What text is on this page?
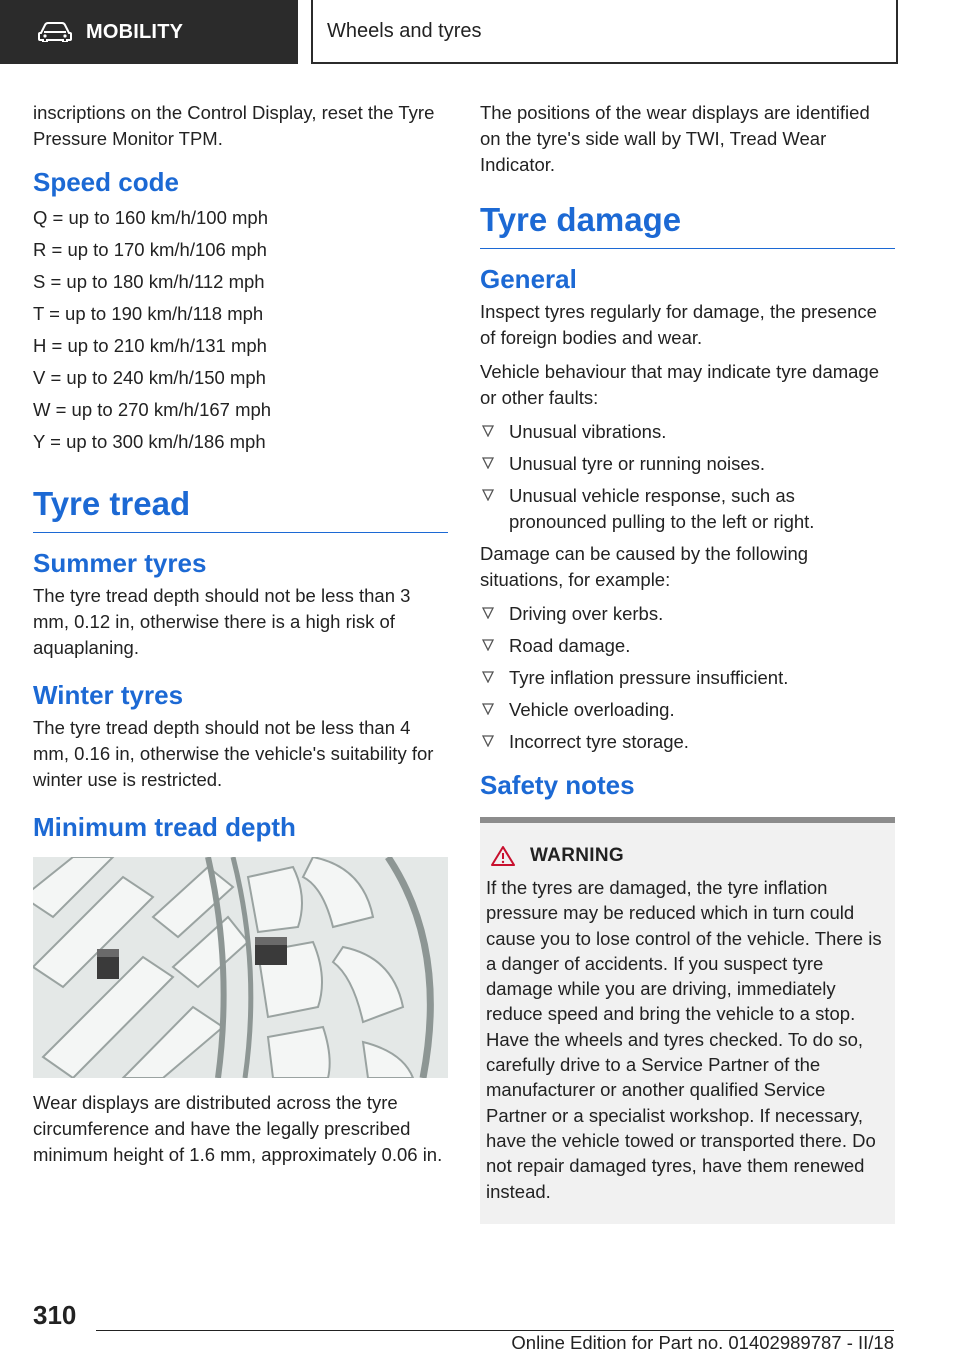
MOBILITY	Wheels and tyres

inscriptions on the Control Display, reset the Tyre Pressure Monitor TPM.

Speed code
Q = up to 160 km/h/100 mph
R = up to 170 km/h/106 mph
S = up to 180 km/h/112 mph
T = up to 190 km/h/118 mph
H = up to 210 km/h/131 mph
V = up to 240 km/h/150 mph
W = up to 270 km/h/167 mph
Y = up to 300 km/h/186 mph
Tyre tread
Summer tyres

The tyre tread depth should not be less than 3 mm, 0.12 in, otherwise there is a high risk of aquaplaning.

Winter tyres

The tyre tread depth should not be less than 4 mm, 0.16 in, otherwise the vehicle's suitability for winter use is restricted.

Minimum tread depth

Wear displays are distributed across the tyre circumference and have the legally prescribed minimum height of 1.6 mm, approximately 0.06 in.

The positions of the wear displays are identified on the tyre's side wall by TWI, Tread Wear Indicator.

Tyre damage
General

Inspect tyres regularly for damage, the presence of foreign bodies and wear.

Vehicle behaviour that may indicate tyre damage or other faults:

Unusual vibrations.
Unusual tyre or running noises.
Unusual vehicle response, such as pronounced pulling to the left or right.

Damage can be caused by the following situations, for example:

Driving over kerbs.
Road damage.
Tyre inflation pressure insufficient.
Vehicle overloading.
Incorrect tyre storage.
Safety notes
WARNING

If the tyres are damaged, the tyre inflation pressure may be reduced which in turn could cause you to lose control of the vehicle. There is a danger of accidents. If you suspect tyre damage while you are driving, immediately reduce speed and bring the vehicle to a stop. Have the wheels and tyres checked. To do so, carefully drive to a Service Partner of the manufacturer or another qualified Service Partner or a specialist workshop. If necessary, have the vehicle towed or transported there. Do not repair damaged tyres, have them renewed instead.

310
Online Edition for Part no. 01402989787 - II/18
